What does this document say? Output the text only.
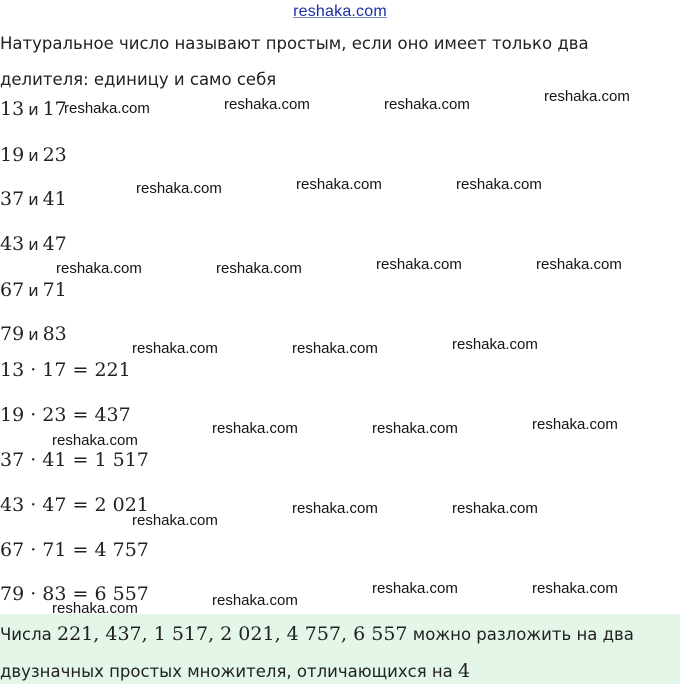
reshaka.com
Натуральное число называют простым, если оно имеет только два делителя: единицу и само себя
13 и 17
19 и 23
37 и 41
43 и 47
67 и 71
79 и 83
13 · 17 = 221
19 · 23 = 437
37 · 41 = 1 517
43 · 47 = 2 021
67 · 71 = 4 757
79 · 83 = 6 557
Числа 221, 437, 1 517, 2 021, 4 757, 6 557 можно разложить на два двузначных простых множителя, отличающихся на 4
reshaka.com	reshaka.com	reshaka.com	reshaka.com
reshaka.com	reshaka.com	reshaka.com
reshaka.com	reshaka.com	reshaka.com	reshaka.com
reshaka.com	reshaka.com	reshaka.com
reshaka.com
reshaka.com	reshaka.com	reshaka.com
reshaka.com
reshaka.com	reshaka.com
reshaka.com	reshaka.com
reshaka.com
reshaka.com
